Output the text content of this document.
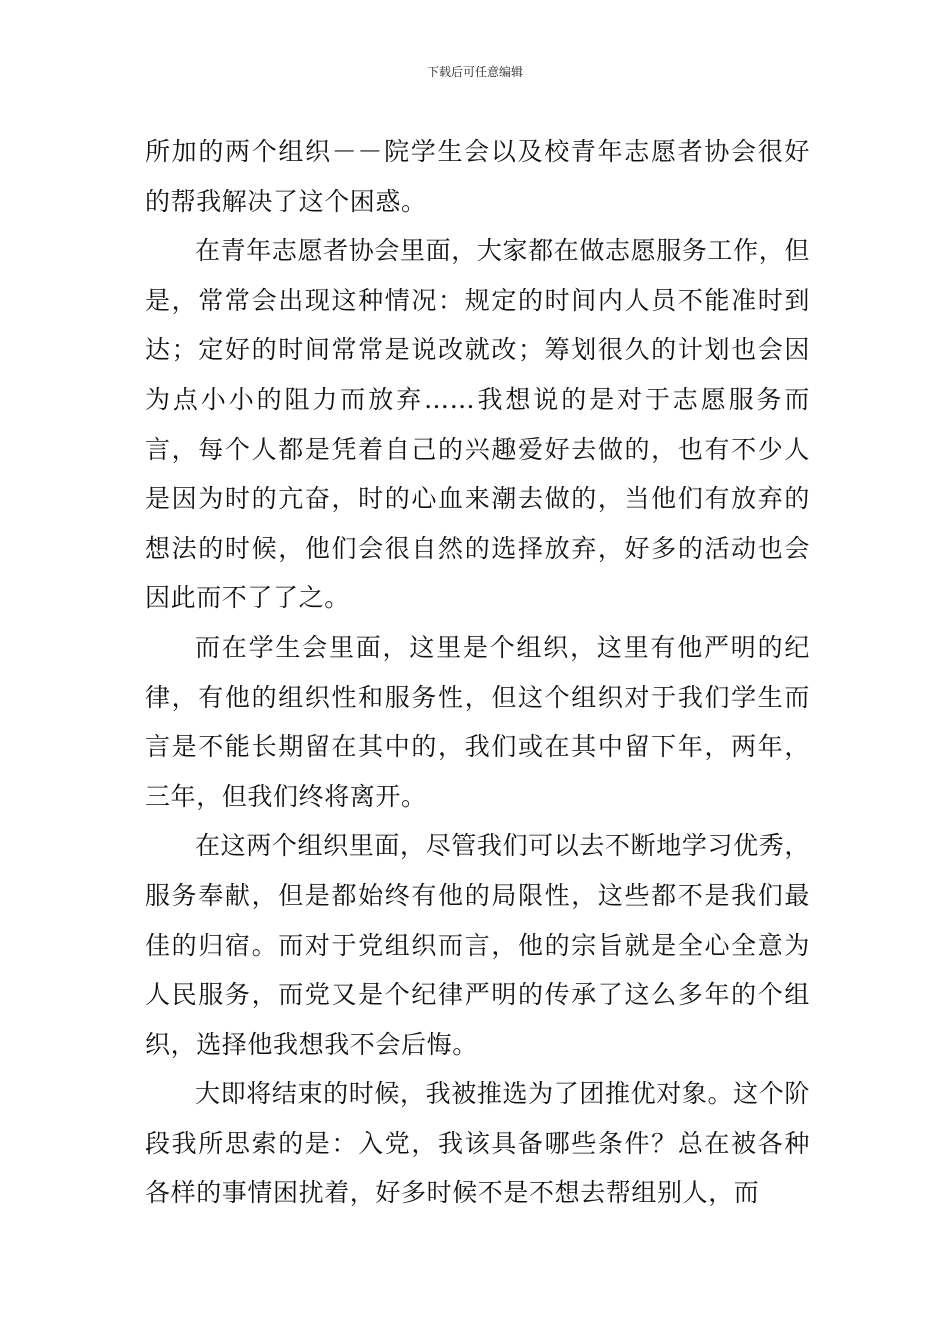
下载后可任意编辑

所加的两个组织－－院学生会以及校青年志愿者协会很好的帮我解决了这个困惑。

在青年志愿者协会里面，大家都在做志愿服务工作，但是，常常会出现这种情况：规定的时间内人员不能准时到达；定好的时间常常是说改就改；筹划很久的计划也会因为点小小的阻力而放弃……我想说的是对于志愿服务而言，每个人都是凭着自己的兴趣爱好去做的，也有不少人是因为时的亢奋，时的心血来潮去做的，当他们有放弃的想法的时候，他们会很自然的选择放弃，好多的活动也会因此而不了了之。

而在学生会里面，这里是个组织，这里有他严明的纪律，有他的组织性和服务性，但这个组织对于我们学生而言是不能长期留在其中的，我们或在其中留下年，两年，三年，但我们终将离开。

在这两个组织里面，尽管我们可以去不断地学习优秀，服务奉献，但是都始终有他的局限性，这些都不是我们最佳的归宿。而对于党组织而言，他的宗旨就是全心全意为人民服务，而党又是个纪律严明的传承了这么多年的个组织，选择他我想我不会后悔。

大即将结束的时候，我被推选为了团推优对象。这个阶段我所思索的是：入党，我该具备哪些条件？总在被各种各样的事情困扰着，好多时候不是不想去帮组别人，而
